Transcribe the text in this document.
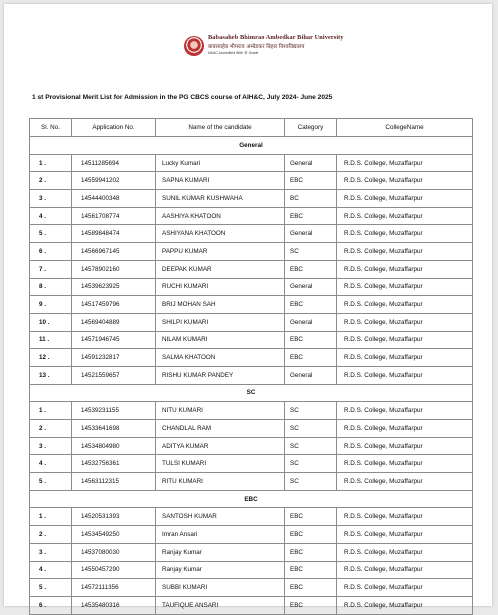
Babasaheb Bhimrao Ambedkar Bihar University
बाबासाहेब भीमराव अम्बेडकर बिहार विश्वविद्यालय
NAAC Accredited With 'B' Grade
1 st Provisional Merit List for Admission in the PG CBCS course of AIH&C, July 2024- June 2025
Sl. No.	Application No.	Name of the candidate	Category	CollegeName
General				
1 .	14511285694	Lucky Kumari	General	R.D.S. College, Muzaffarpur
2 .	14559941202	SAPNA KUMARI	EBC	R.D.S. College, Muzaffarpur
3 .	14544400348	SUNIL KUMAR KUSHWAHA	BC	R.D.S. College, Muzaffarpur
4 .	14561708774	AASHIYA KHATOON	EBC	R.D.S. College, Muzaffarpur
5 .	14589848474	ASHIYANA KHATOON	General	R.D.S. College, Muzaffarpur
6 .	14566967145	PAPPU KUMAR	SC	R.D.S. College, Muzaffarpur
7 .	14578902160	DEEPAK KUMAR	EBC	R.D.S. College, Muzaffarpur
8 .	14539623925	RUCHI KUMARI	General	R.D.S. College, Muzaffarpur
9 .	14517459796	BRIJ MOHAN SAH	EBC	R.D.S. College, Muzaffarpur
10 .	14569404889	SHILPI KUMARI	General	R.D.S. College, Muzaffarpur
11 .	14571946745	NILAM KUMARI	EBC	R.D.S. College, Muzaffarpur
12 .	14591232817	SALMA KHATOON	EBC	R.D.S. College, Muzaffarpur
13 .	14521559657	RISHU KUMAR PANDEY	General	R.D.S. College, Muzaffarpur
SC				
1 .	14539231155	NITU KUMARI	SC	R.D.S. College, Muzaffarpur
2 .	14533641698	CHANDLAL RAM	SC	R.D.S. College, Muzaffarpur
3 .	14534804980	ADITYA KUMAR	SC	R.D.S. College, Muzaffarpur
4 .	14532756361	TULSI KUMARI	SC	R.D.S. College, Muzaffarpur
5 .	14563112315	RITU KUMARI	SC	R.D.S. College, Muzaffarpur
EBC				
1 .	14520531393	SANTOSH KUMAR	EBC	R.D.S. College, Muzaffarpur
2 .	14534549250	Imran Ansari	EBC	R.D.S. College, Muzaffarpur
3 .	14537080030	Ranjay Kumar	EBC	R.D.S. College, Muzaffarpur
4 .	14550457290	Ranjay Kumar	EBC	R.D.S. College, Muzaffarpur
5 .	14572111356	SUBBI KUMARI	EBC	R.D.S. College, Muzaffarpur
6 .	14535480316	TAUFIQUE ANSARI	EBC	R.D.S. College, Muzaffarpur
